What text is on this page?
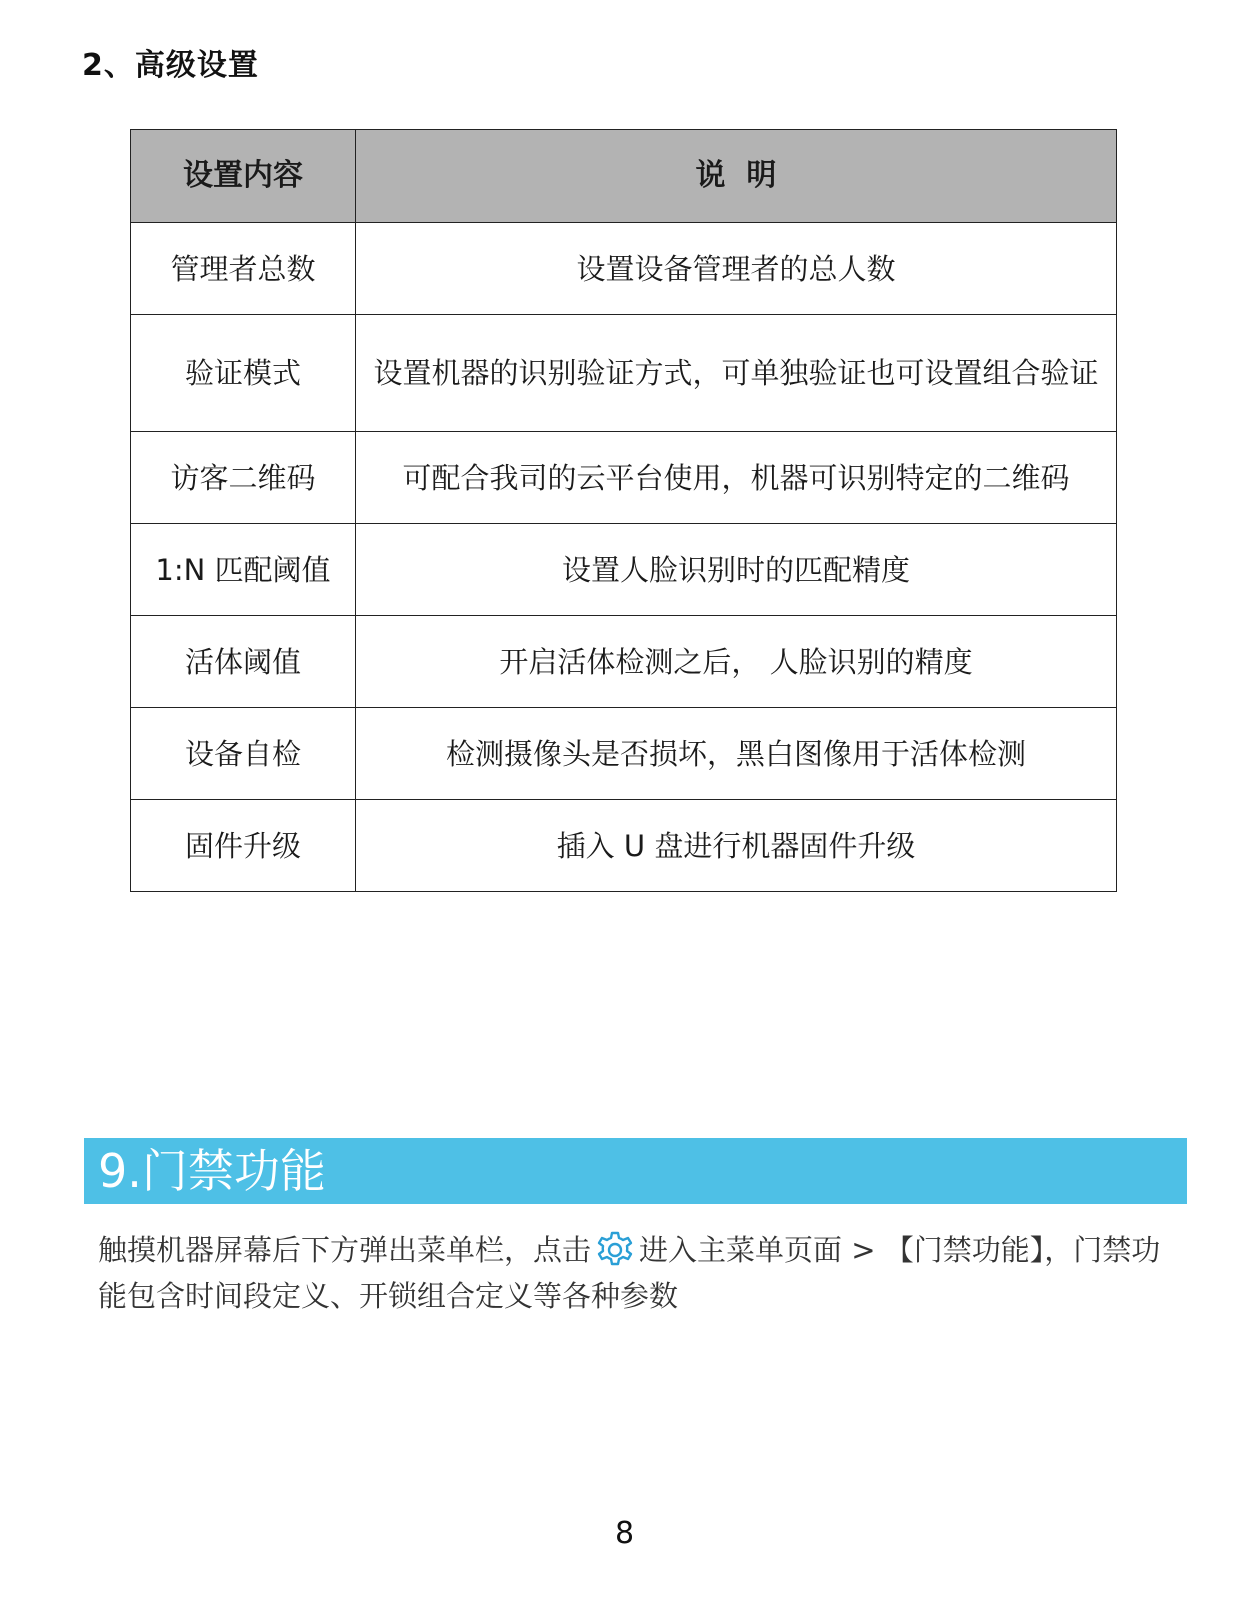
2、高级设置
设置内容	说  明
管理者总数	设置设备管理者的总人数
验证模式	设置机器的识别验证方式，可单独验证也可设置组合验证
访客二维码	可配合我司的云平台使用，机器可识别特定的二维码
1:N 匹配阈值	设置人脸识别时的匹配精度
活体阈值	开启活体检测之后， 人脸识别的精度
设备自检	检测摄像头是否损坏，黑白图像用于活体检测
固件升级	插入 U 盘进行机器固件升级
9.门禁功能
触摸机器屏幕后下方弹出菜单栏，点击 进入主菜单页面 > 【门禁功能】，门禁功能包含时间段定义、开锁组合定义等各种参数
8
